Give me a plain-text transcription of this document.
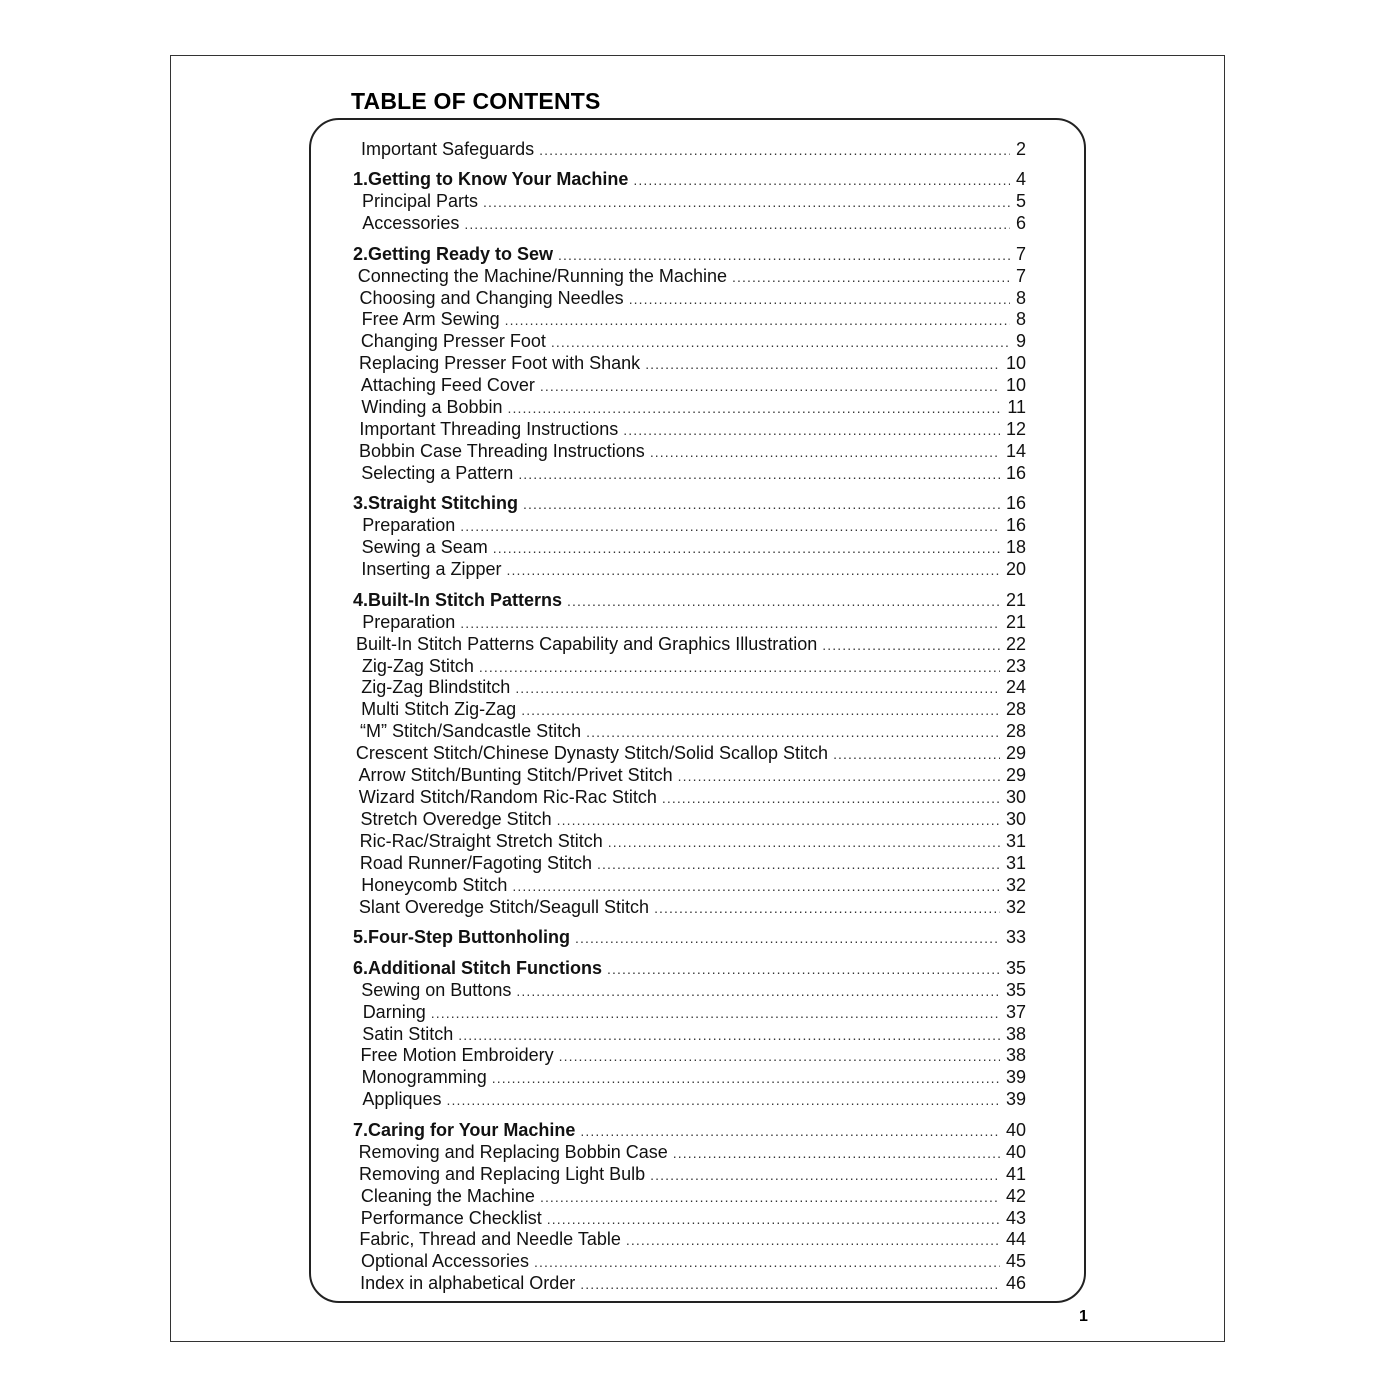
TABLE OF CONTENTS
Important Safeguards .....	2
1. Getting to Know Your Machine .....	4
Principal Parts .....	5
Accessories .....	6
2. Getting Ready to Sew .....	7
Connecting the Machine/Running the Machine .....	7
Choosing and Changing Needles .....	8
Free Arm Sewing .....	8
Changing Presser Foot .....	9
Replacing Presser Foot with Shank .....	10
Attaching Feed Cover .....	10
Winding a Bobbin .....	11
Important Threading Instructions .....	12
Bobbin Case Threading Instructions .....	14
Selecting a Pattern .....	16
3. Straight Stitching .....	16
Preparation .....	16
Sewing a Seam .....	18
Inserting a Zipper .....	20
4. Built-In Stitch Patterns .....	21
Preparation .....	21
Built-In Stitch Patterns Capability and Graphics Illustration .....	22
Zig-Zag Stitch .....	23
Zig-Zag Blindstitch .....	24
Multi Stitch Zig-Zag .....	28
“M” Stitch/Sandcastle Stitch .....	28
Crescent Stitch/Chinese Dynasty Stitch/Solid Scallop Stitch .....	29
Arrow Stitch/Bunting Stitch/Privet Stitch .....	29
Wizard Stitch/Random Ric-Rac Stitch .....	30
Stretch Overedge Stitch .....	30
Ric-Rac/Straight Stretch Stitch .....	31
Road Runner/Fagoting Stitch .....	31
Honeycomb Stitch .....	32
Slant Overedge Stitch/Seagull Stitch .....	32
5. Four-Step Buttonholing .....	33
6. Additional Stitch Functions .....	35
Sewing on Buttons .....	35
Darning .....	37
Satin Stitch .....	38
Free Motion Embroidery .....	38
Monogramming .....	39
Appliques .....	39
7. Caring for Your Machine .....	40
Removing and Replacing Bobbin Case .....	40
Removing and Replacing Light Bulb .....	41
Cleaning the Machine .....	42
Performance Checklist .....	43
Fabric, Thread and Needle Table .....	44
Optional Accessories .....	45
Index in alphabetical Order .....	46
1
